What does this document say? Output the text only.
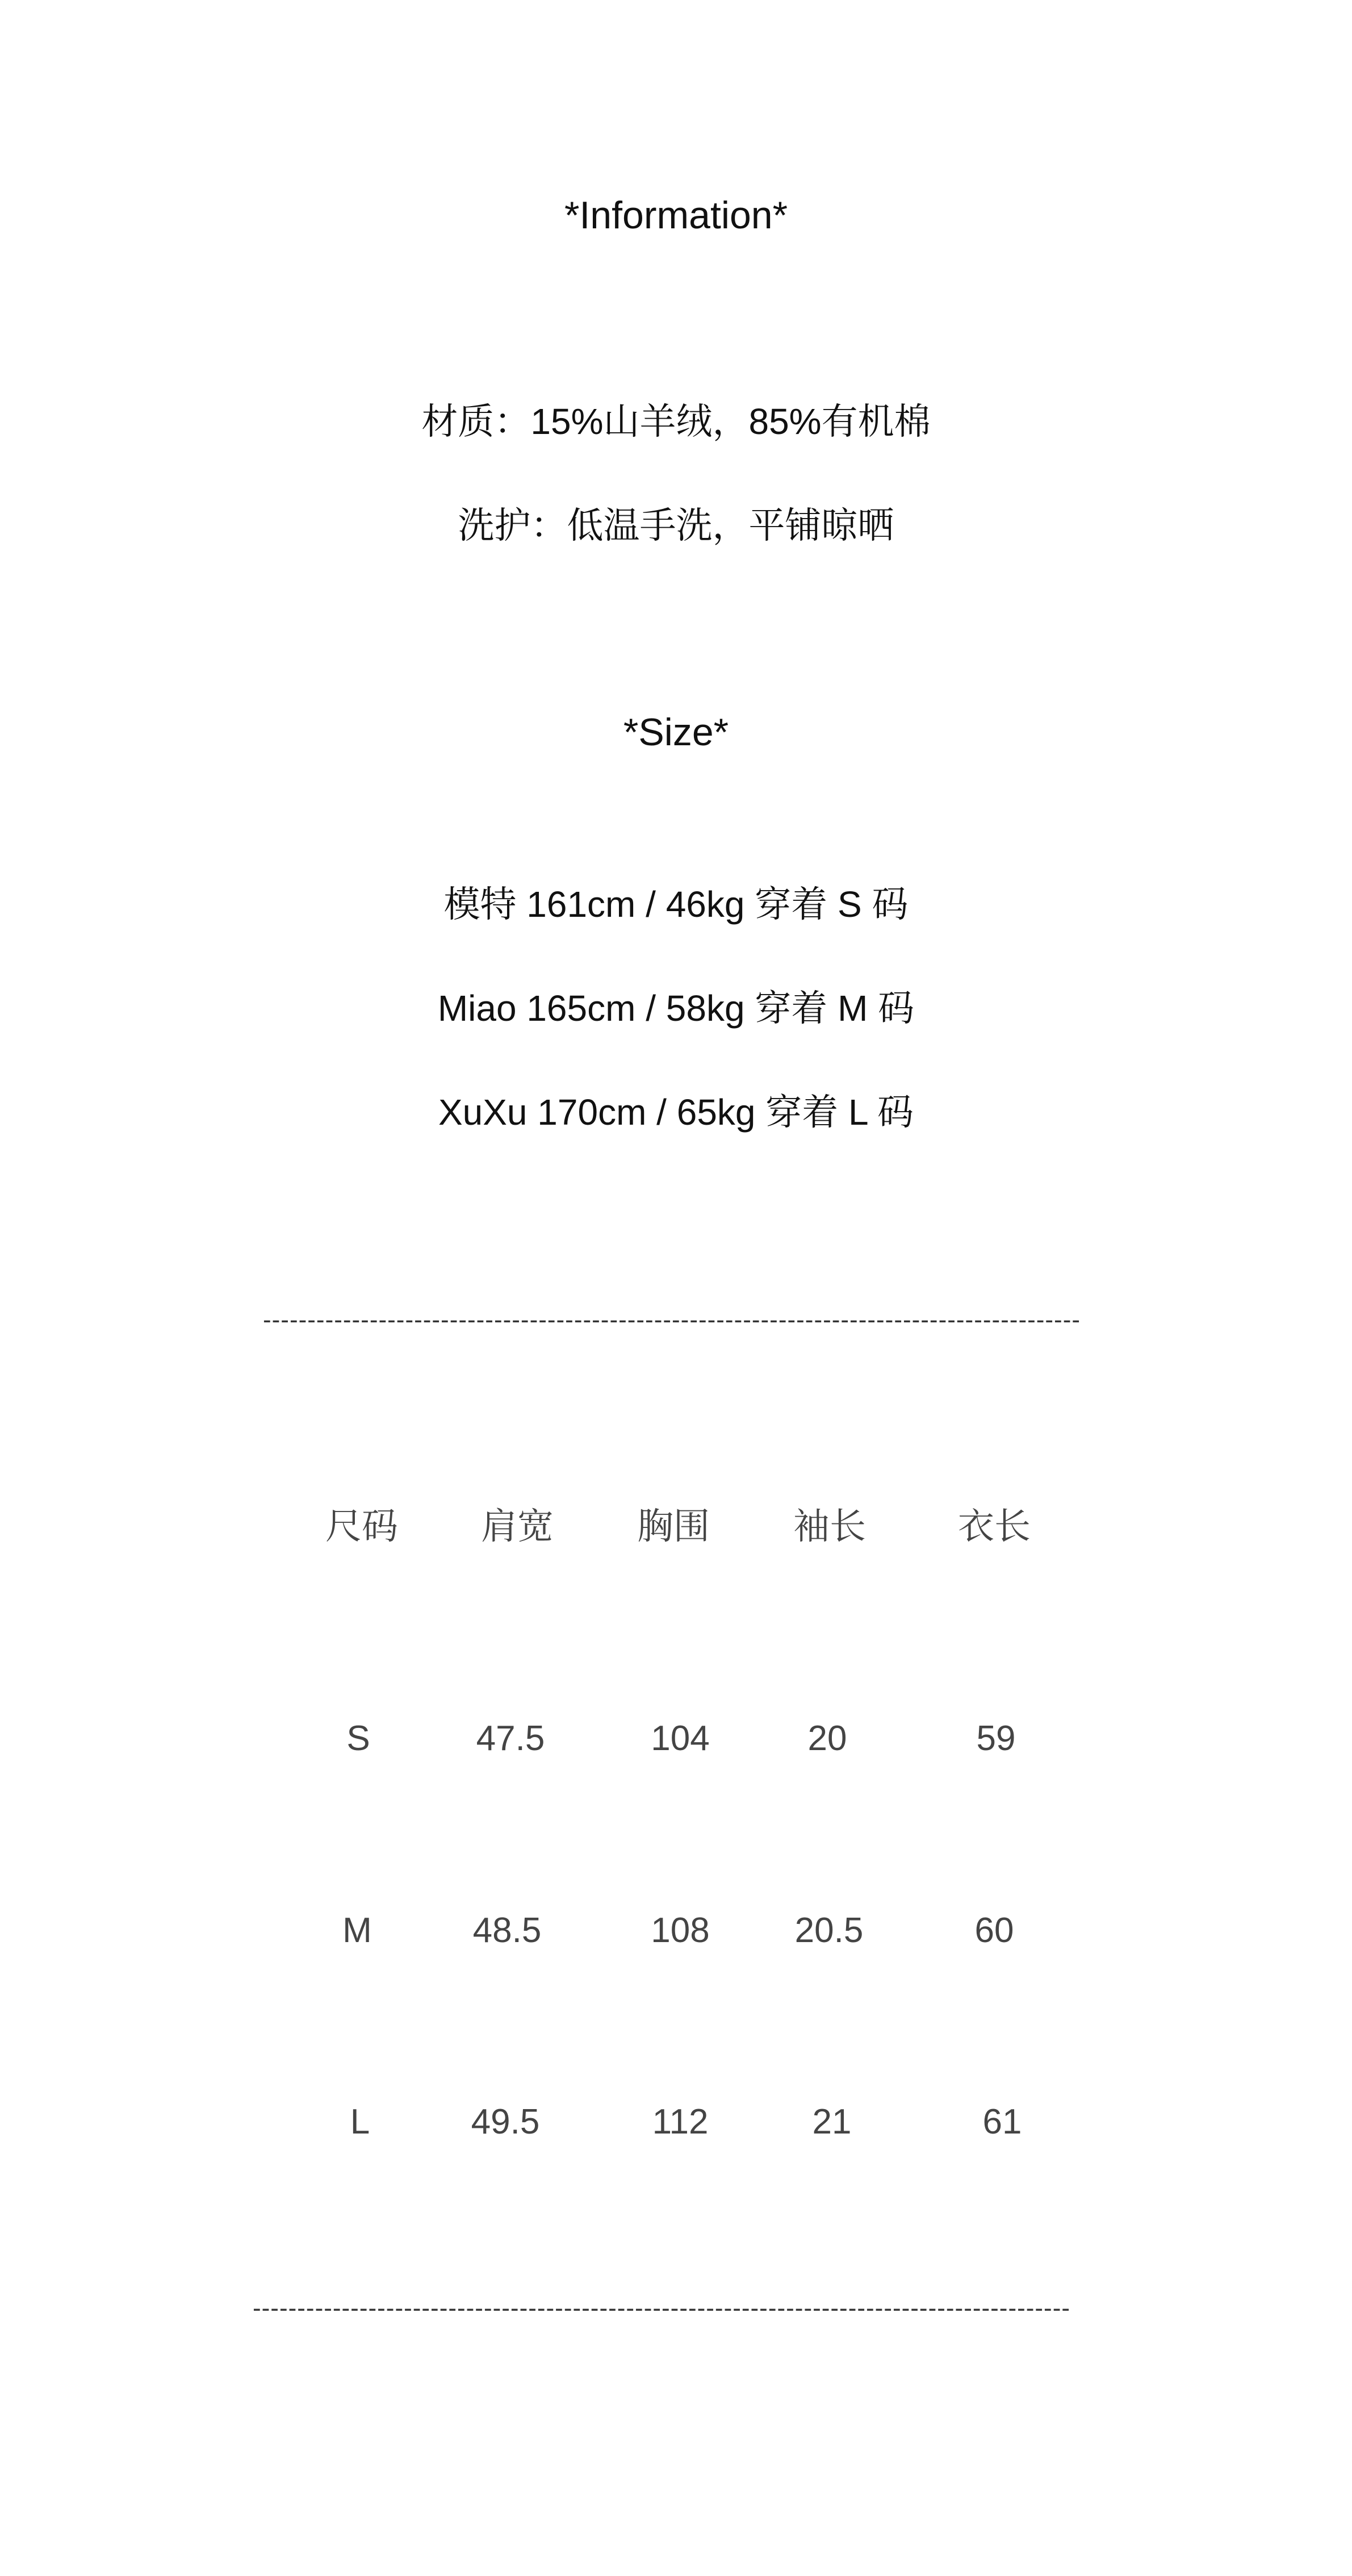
*Information*
材质：15%山羊绒，85%有机棉
洗护：低温手洗，平铺晾晒
*Size*
模特 161cm / 46kg 穿着 S 码
Miao 165cm / 58kg 穿着 M 码
XuXu 170cm / 65kg 穿着 L 码
--------------------------------------------------------------------------------------------
尺码	肩宽	胸围	袖长	衣长
S	47.5	104	20	59
M	48.5	108	20.5	60
L	49.5	112	21	61
--------------------------------------------------------------------------------------------
